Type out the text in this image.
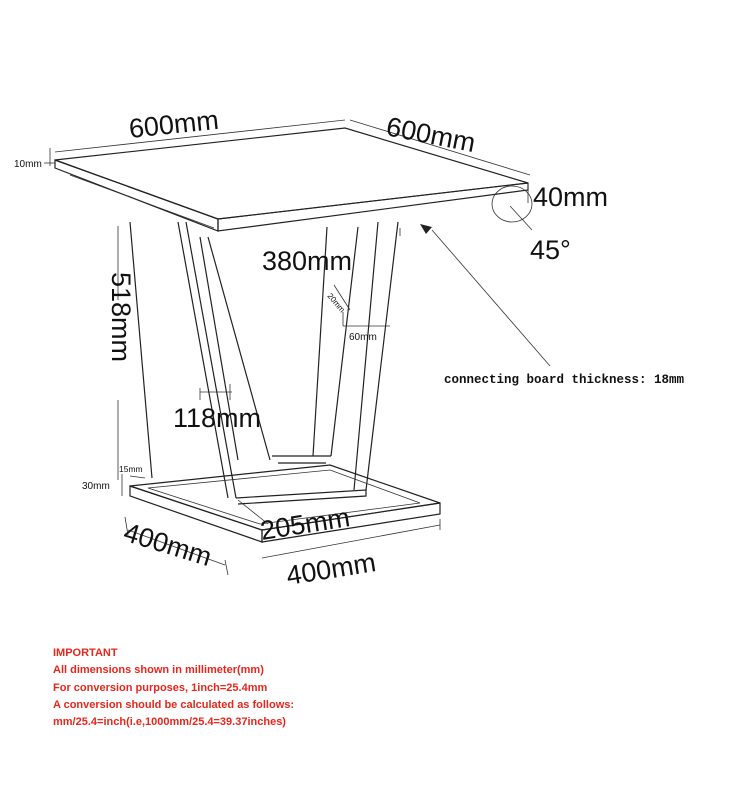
600mm	600mm
10mm
40mm
45°
380mm
518mm	20mm
60mm
connecting board thickness: 18mm
118mm
15mm
30mm
205mm
400mm	400mm
IMPORTANT
All dimensions shown in millimeter(mm)
For conversion purposes, 1inch=25.4mm
A conversion should be calculated as follows:
mm/25.4=inch(i.e,1000mm/25.4=39.37inches)
